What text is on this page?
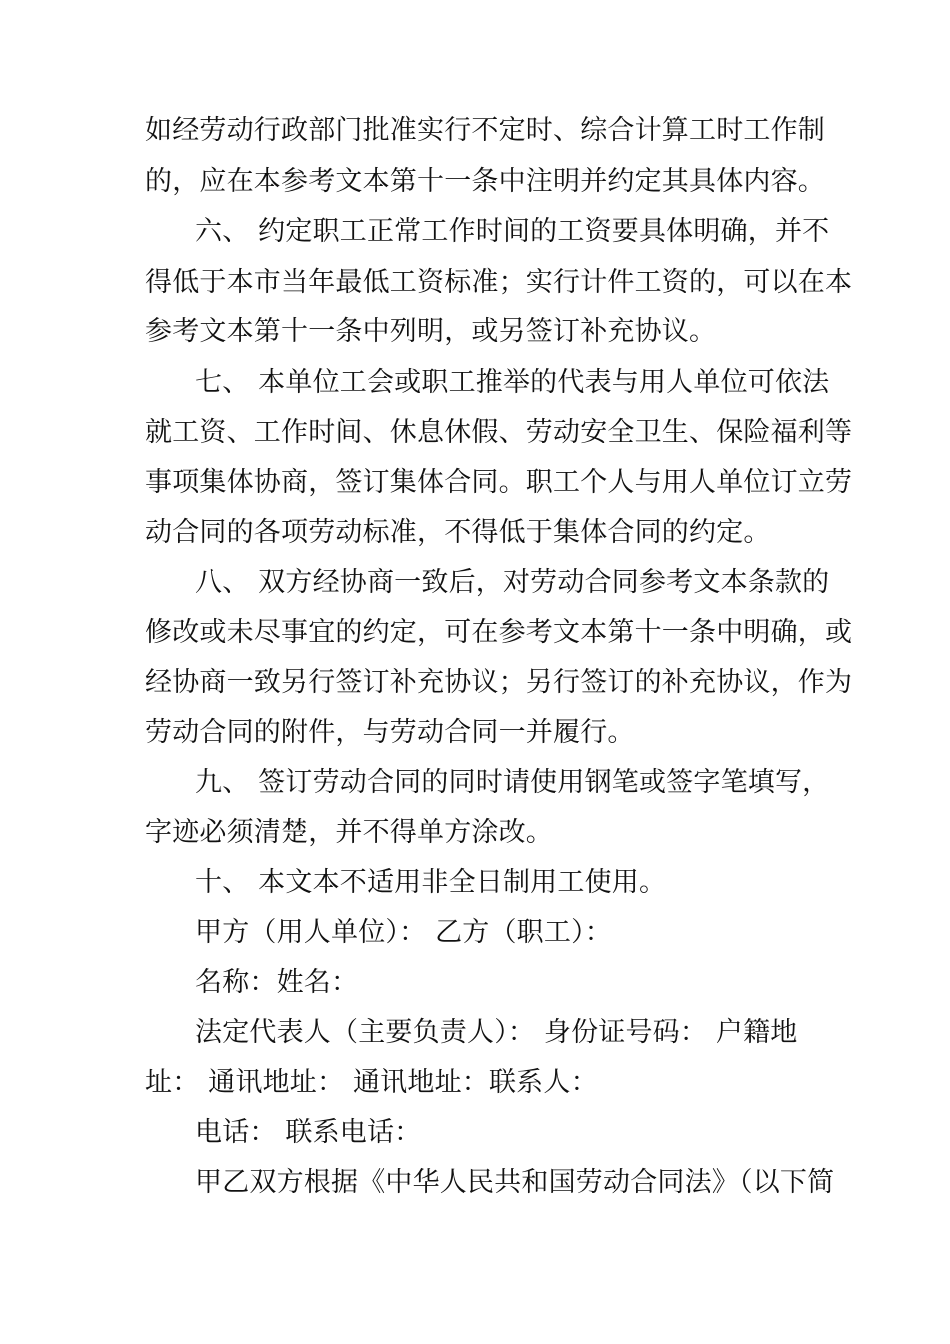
如经劳动行政部门批准实行不定时、综合计算工时工作制
的，应在本参考文本第十一条中注明并约定其具体内容。
六、 约定职工正常工作时间的工资要具体明确，并不
得低于本市当年最低工资标准；实行计件工资的，可以在本
参考文本第十一条中列明，或另签订补充协议。
七、 本单位工会或职工推举的代表与用人单位可依法
就工资、工作时间、休息休假、劳动安全卫生、保险福利等
事项集体协商，签订集体合同。职工个人与用人单位订立劳
动合同的各项劳动标准，不得低于集体合同的约定。
八、 双方经协商一致后，对劳动合同参考文本条款的
修改或未尽事宜的约定，可在参考文本第十一条中明确，或
经协商一致另行签订补充协议；另行签订的补充协议，作为
劳动合同的附件，与劳动合同一并履行。
九、 签订劳动合同的同时请使用钢笔或签字笔填写，
字迹必须清楚，并不得单方涂改。
十、 本文本不适用非全日制用工使用。
甲方（用人单位）： 乙方（职工）：
名称：姓名：
法定代表人（主要负责人）： 身份证号码： 户籍地
址： 通讯地址： 通讯地址：联系人：
电话： 联系电话：
甲乙双方根据《中华人民共和国劳动合同法》（以下简
